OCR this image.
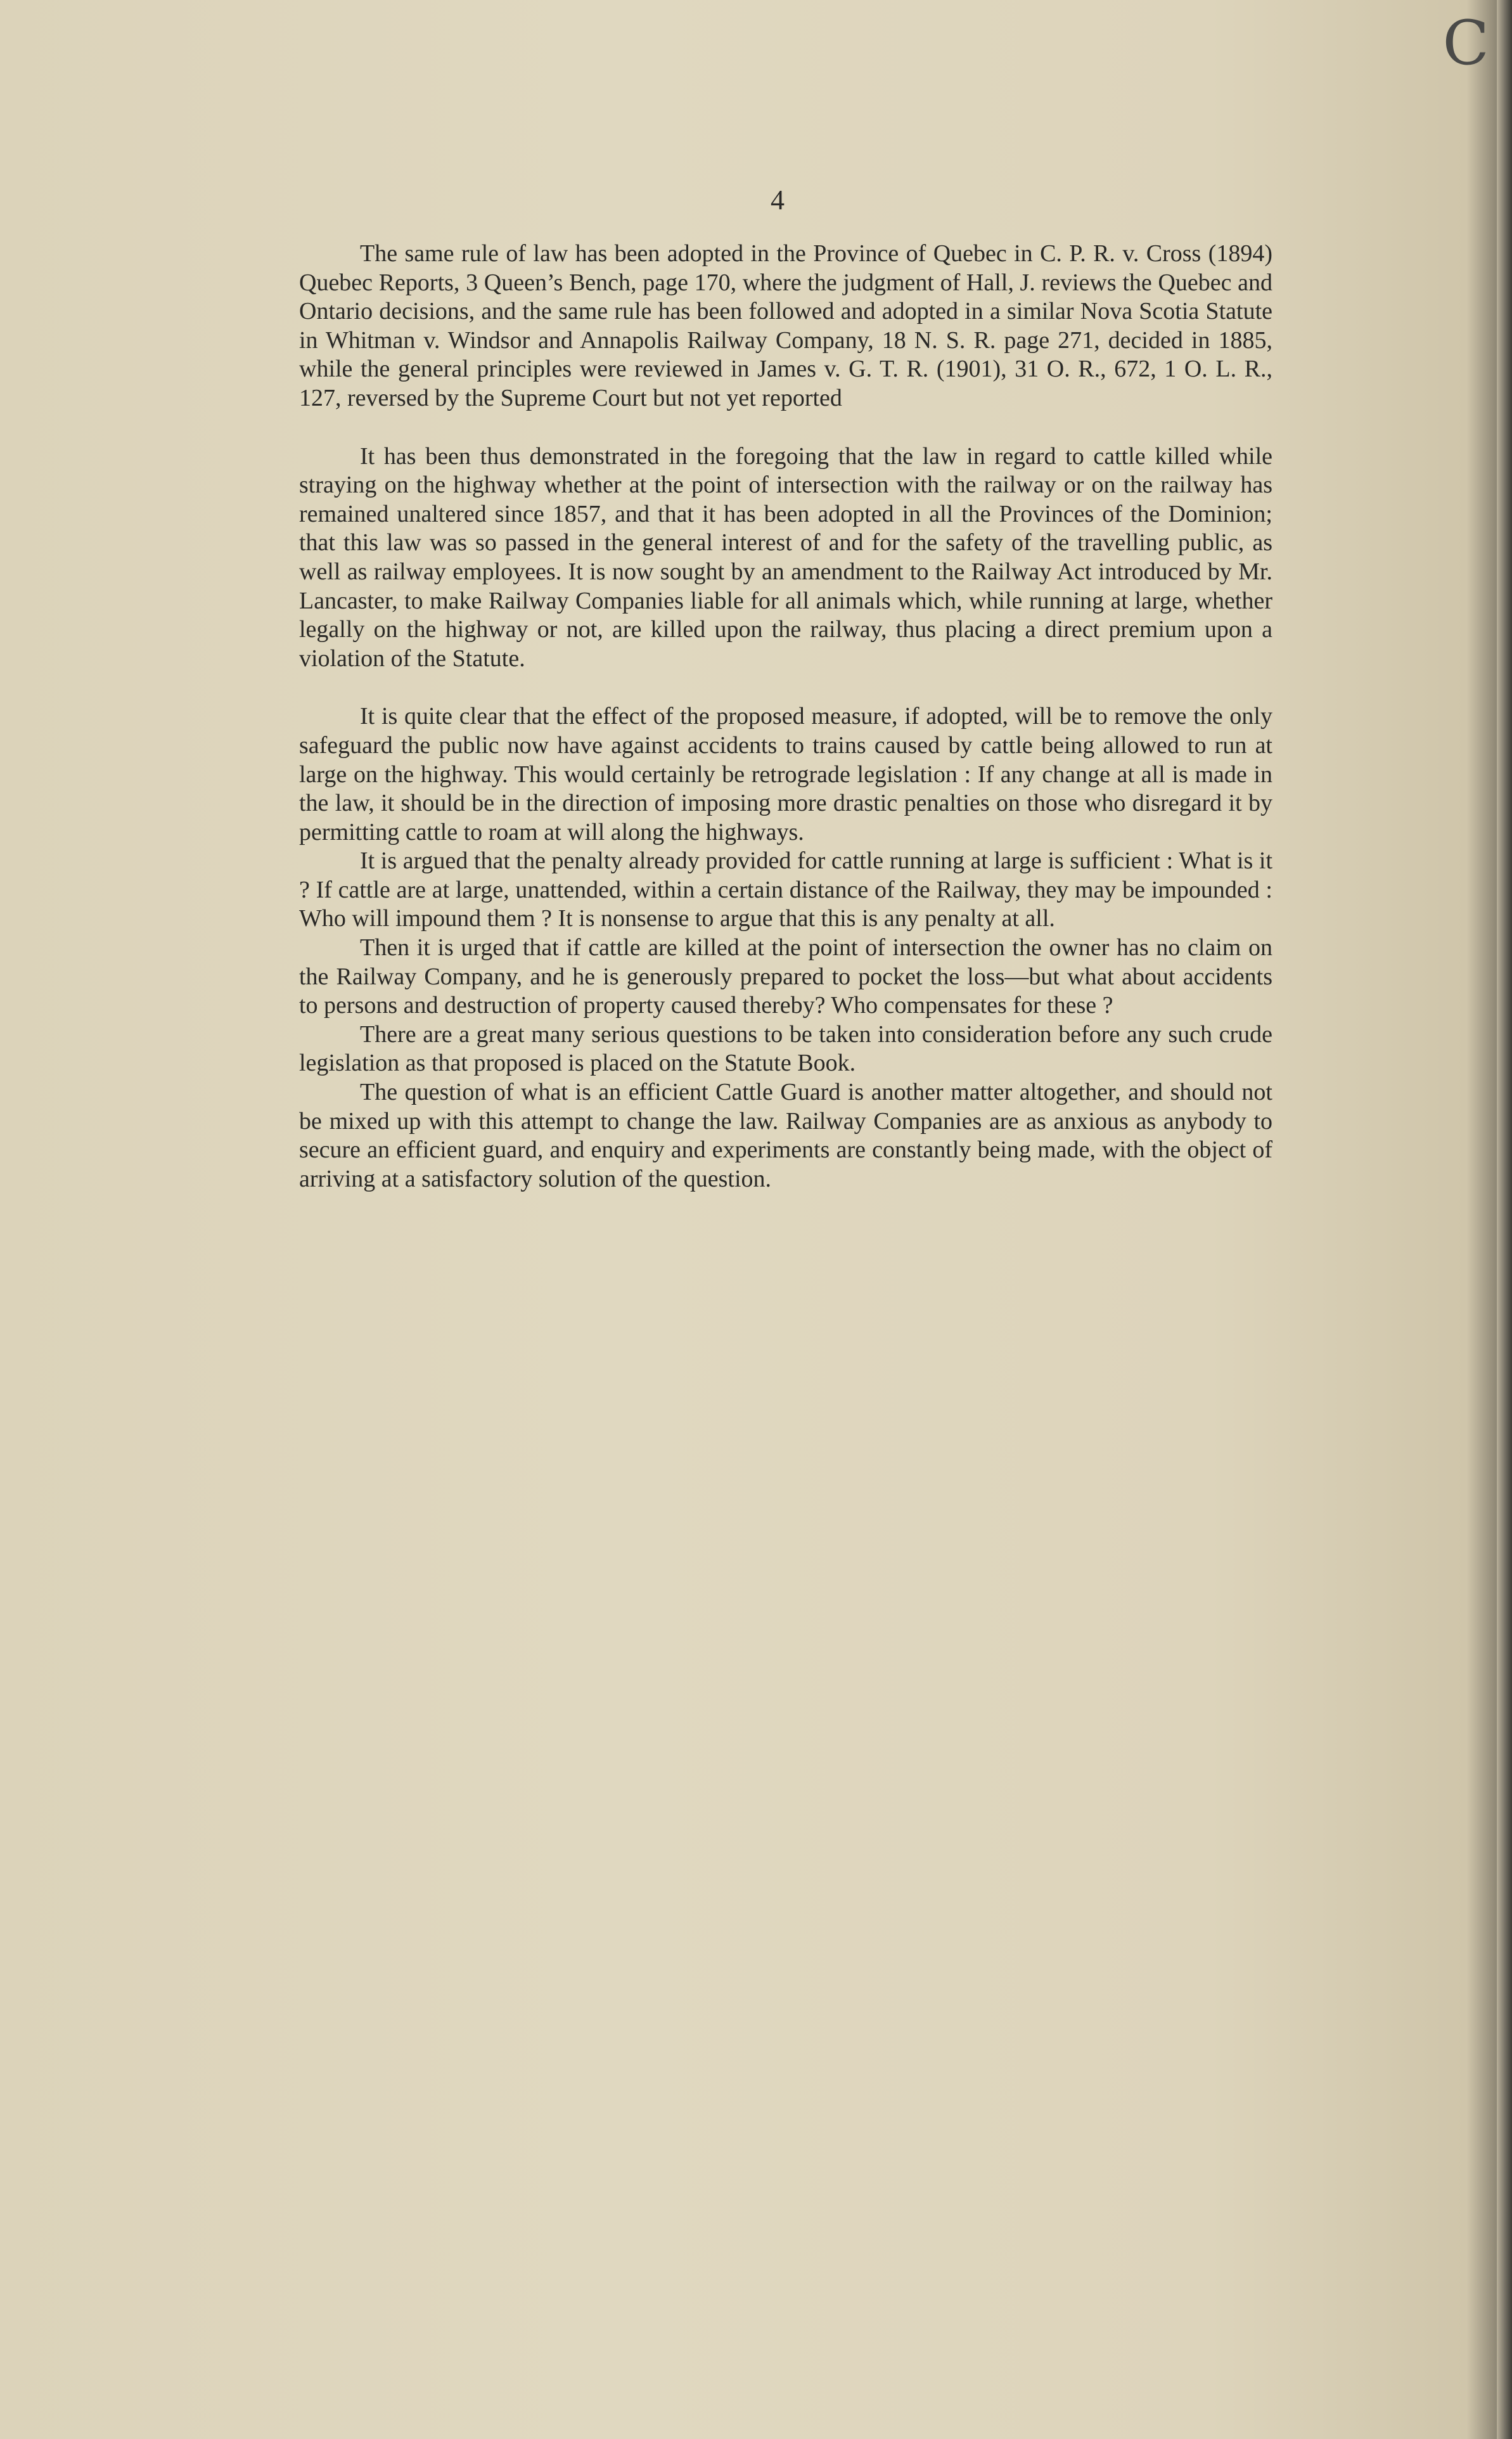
C
4

The same rule of law has been adopted in the Province of Quebec in C. P. R. v. Cross (1894) Quebec Reports, 3 Queen’s Bench, page 170, where the judgment of Hall, J. reviews the Quebec and Ontario decisions, and the same rule has been followed and adopted in a similar Nova Scotia Statute in Whitman v. Windsor and Annapolis Railway Company, 18 N. S. R. page 271, decided in 1885, while the general principles were reviewed in James v. G. T. R. (1901), 31 O. R., 672, 1 O. L. R., 127, reversed by the Supreme Court but not yet reported

It has been thus demonstrated in the foregoing that the law in regard to cattle killed while straying on the highway whether at the point of intersection with the railway or on the railway has remained unaltered since 1857, and that it has been adopted in all the Provinces of the Dominion; that this law was so passed in the general interest of and for the safety of the travelling public, as well as railway employees. It is now sought by an amendment to the Railway Act introduced by Mr. Lancaster, to make Railway Companies liable for all animals which, while running at large, whether legally on the highway or not, are killed upon the railway, thus placing a direct premium upon a violation of the Statute.

It is quite clear that the effect of the proposed measure, if adopted, will be to remove the only safeguard the public now have against accidents to trains caused by cattle being allowed to run at large on the highway. This would certainly be retrograde legislation : If any change at all is made in the law, it should be in the direction of imposing more drastic penalties on those who disregard it by permitting cattle to roam at will along the highways.

It is argued that the penalty already provided for cattle running at large is sufficient : What is it ? If cattle are at large, unattended, within a certain distance of the Railway, they may be impounded : Who will impound them ? It is nonsense to argue that this is any penalty at all.

Then it is urged that if cattle are killed at the point of intersection the owner has no claim on the Railway Company, and he is generously prepared to pocket the loss—but what about accidents to persons and destruction of property caused thereby? Who compensates for these ?

There are a great many serious questions to be taken into consideration before any such crude legislation as that proposed is placed on the Statute Book.

The question of what is an efficient Cattle Guard is another matter altogether, and should not be mixed up with this attempt to change the law. Railway Companies are as anxious as anybody to secure an efficient guard, and enquiry and experiments are constantly being made, with the object of arriving at a satisfactory solution of the question.
